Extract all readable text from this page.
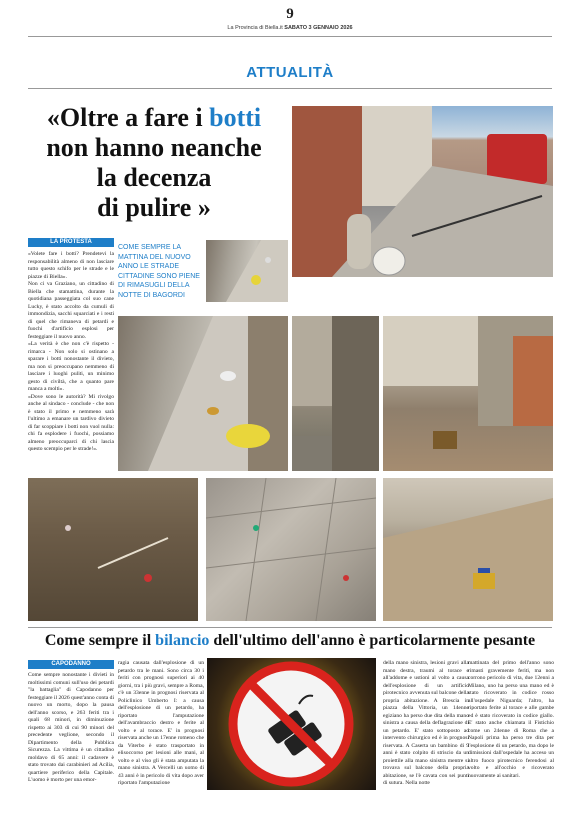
9
La Provincia di Biella.it SABATO 3 GENNAIO 2026
ATTUALITÀ
«Oltre a fare i botti
non hanno neanche
la decenza
di pulire »
LA PROTESTA

«Volete fare i botti? Prendetevi la responsabilità almeno di non lasciare tutto questo schifo per le strade e le piazze di Biella».

Non ci va Graziano, un cittadino di Biella che stamattina, durante la quotidiana passeggiata col suo cane Lucky, è stato accolto da cumuli di immondizia, sacchi squarciati e i resti di quel che rimaneva di petardi e fuochi d'artificio esplosi per festeggiare il nuovo anno.

«La verità è che non c'è rispetto - rimarca - Non solo si ostinano a sparare i botti nonostante il divieto, ma non si preoccupano nemmeno di lasciare i luoghi puliti, un minimo gesto di civiltà, che a quanto pare manca a molti».

«Dove sono le autorità? Mi rivolgo anche al sindaco - conclude - che non è stato il primo e nemmeno sarà l'ultimo a emanare un tardivo divieto di far scoppiare i botti non vuol nulla: chi fa esplodere i fuochi, possiamo almeno preoccuparci di chi lascia questo scempio per le strade!».

COME SEMPRE LA MATTINA DEL NUOVO ANNO LE STRADE CITTADINE SONO PIENE DI RIMASUGLI DELLA NOTTE DI BAGORDI
Come sempre il bilancio dell'ultimo dell'anno è particolarmente pesante
CAPODANNO
Come sempre nonostante i divieti in moltissimi comuni sull'uso dei petardi "la battaglia" di Capodanno per festeggiare il 2026 quest'anno conta di nuovo un morto, dopo la pausa dell'anno scorso, e 263 feriti tra i quali 68 minori, in diminuzione rispetto ai 303 di cui 90 minori del precedente veglione, secondo il Dipartimento della Pubblica Sicurezza. La vittima è un cittadino moldavo di 65 anni: il cadavere è stato trovato dai carabinieri ad Acilia, quartiere periferico della Capitale. L'uomo è morto per una emor-
ragia causata dall'esplosione di un petardo tra le mani. Sono circa 30 i feriti con prognosi superiori ai 40 giorni, tra i più gravi, sempre a Roma, c'è un 33enne in prognosi riservata al Policlinico Umberto I: a causa dell'esplosione di un petardo, ha riportato l'amputazione dell'avambraccio destro e ferite al volto e al torace. E' in prognosi riservata anche un 17enne romeno che da Viterbo è stato trasportato in elisoccorso per lesioni alle mani, al volto e al viso gli è stata amputata la mano sinistra. A Vercelli un uomo di 43 anni è in pericolo di vita dopo aver riportato l'amputazione
della mano sinistra, lesioni gravi alla mano destra, traumi al torace e all'addome e ustioni al volto a causa dell'esplosione di un artificio pirotecnico avvenuta sul balcone della propria abitazione. A Brescia in piazza della Vittoria, un 14enne egiziano ha perso due dita della mano sinistra a causa della deflagrazione di un petardo. E' stato sottoposto ad intervento chirurgico ed è in prognosi riservata. A Caserta un bambino di 9 anni è stato colpito di striscio da un proiettile alla mano sinistra mentre si trovava sul balcone della propria abitazione, se l'è cavata con sei punti di sutura. Nella notte
mattinata del primo dell'anno sono rimasti gravemente feriti, ma non corrono pericolo di vita, due 12enni a Milano, uno ha perso una mano ed è stato ricoverato in codice rosso all'ospedale Niguarda; l'altro, ha riportato ferite al torace e alle gambe ed è stato ricoverato in codice giallo. E' stato anche chiamata il Fistichio come un 24enne di Roma che a Napoli prima ha perso tre dita per l'esplosione di un petardo, ma dopo le dimissioni dall'ospedale ha acceso un altro fuoco pirotecnico ferendosi al volto e all'occhio e ricoverato nuovamente ai sanitari.
